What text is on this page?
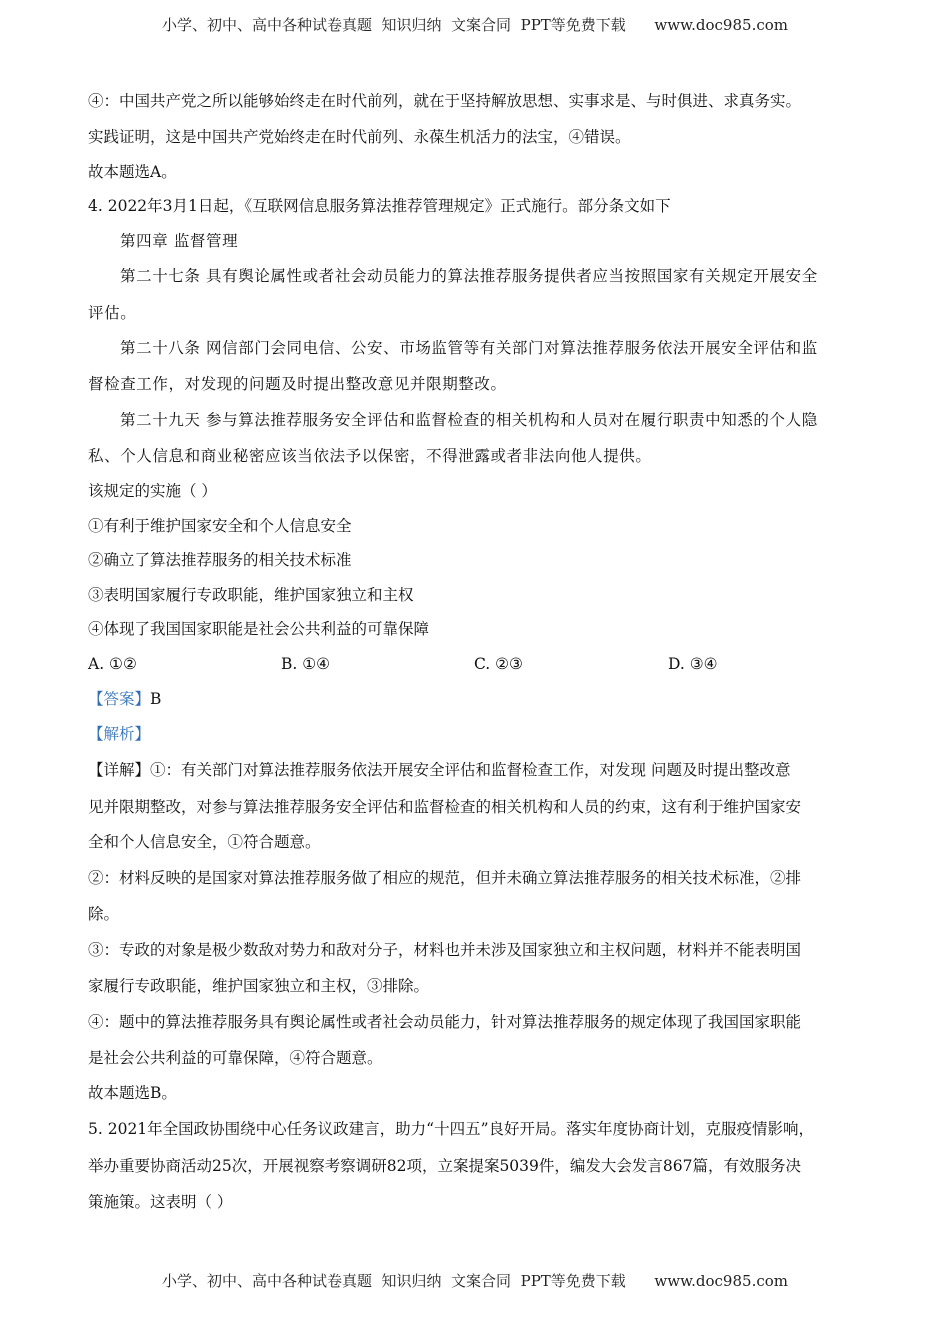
小学、初中、高中各种试卷真题  知识归纳  文案合同  PPT等免费下载      www.doc985.com
④：中国共产党之所以能够始终走在时代前列，就在于坚持解放思想、实事求是、与时俱进、求真务实。
实践证明，这是中国共产党始终走在时代前列、永葆生机活力的法宝，④错误。
故本题选A。
4. 2022年3月1日起，《互联网信息服务算法推荐管理规定》正式施行。部分条文如下
第四章 监督管理
第二十七条 具有舆论属性或者社会动员能力的算法推荐服务提供者应当按照国家有关规定开展安全
评估。
第二十八条 网信部门会同电信、公安、市场监管等有关部门对算法推荐服务依法开展安全评估和监
督检查工作，对发现的问题及时提出整改意见并限期整改。
第二十九天 参与算法推荐服务安全评估和监督检查的相关机构和人员对在履行职责中知悉的个人隐
私、个人信息和商业秘密应该当依法予以保密，不得泄露或者非法向他人提供。
该规定的实施（ ）
①有利于维护国家安全和个人信息安全
②确立了算法推荐服务的相关技术标准
③表明国家履行专政职能，维护国家独立和主权
④体现了我国国家职能是社会公共利益的可靠保障
A. ①②	B. ①④	C. ②③	D. ③④
【答案】B
【解析】
【详解】①：有关部门对算法推荐服务依法开展安全评估和监督检查工作，对发现 问题及时提出整改意
见并限期整改，对参与算法推荐服务安全评估和监督检查的相关机构和人员的约束，这有利于维护国家安
全和个人信息安全，①符合题意。
②：材料反映的是国家对算法推荐服务做了相应的规范，但并未确立算法推荐服务的相关技术标准，②排
除。
③：专政的对象是极少数敌对势力和敌对分子，材料也并未涉及国家独立和主权问题，材料并不能表明国
家履行专政职能，维护国家独立和主权，③排除。
④：题中的算法推荐服务具有舆论属性或者社会动员能力，针对算法推荐服务的规定体现了我国国家职能
是社会公共利益的可靠保障，④符合题意。
故本题选B。
5. 2021年全国政协围绕中心任务议政建言，助力“十四五”良好开局。落实年度协商计划，克服疫情影响，
举办重要协商活动25次，开展视察考察调研82项，立案提案5039件，编发大会发言867篇，有效服务决
策施策。这表明（ ）
小学、初中、高中各种试卷真题  知识归纳  文案合同  PPT等免费下载      www.doc985.com
